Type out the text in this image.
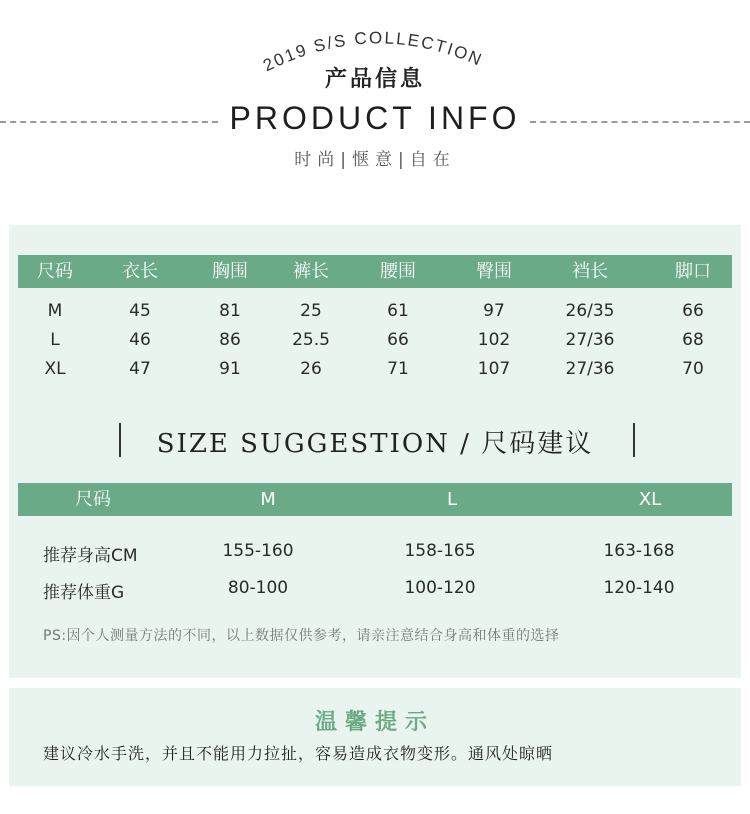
2019 S/S COLLECTION
产品信息
PRODUCT INFO
时尚|惬意|自在
尺码	衣长	胸围	裤长	腰围	臀围	裆长	脚口
M	45	81	25	61	97	26/35	66
L	46	86	25.5	66	102	27/36	68
XL	47	91	26	71	107	27/36	70
SIZE SUGGESTION / 尺码建议
尺码	M	L	XL
推荐身高CM	155-160	158-165	163-168
推荐体重G	80-100	100-120	120-140
PS:因个人测量方法的不同，以上数据仅供参考，请亲注意结合身高和体重的选择
温馨提示
建议冷水手洗，并且不能用力拉扯，容易造成衣物变形。通风处晾晒
